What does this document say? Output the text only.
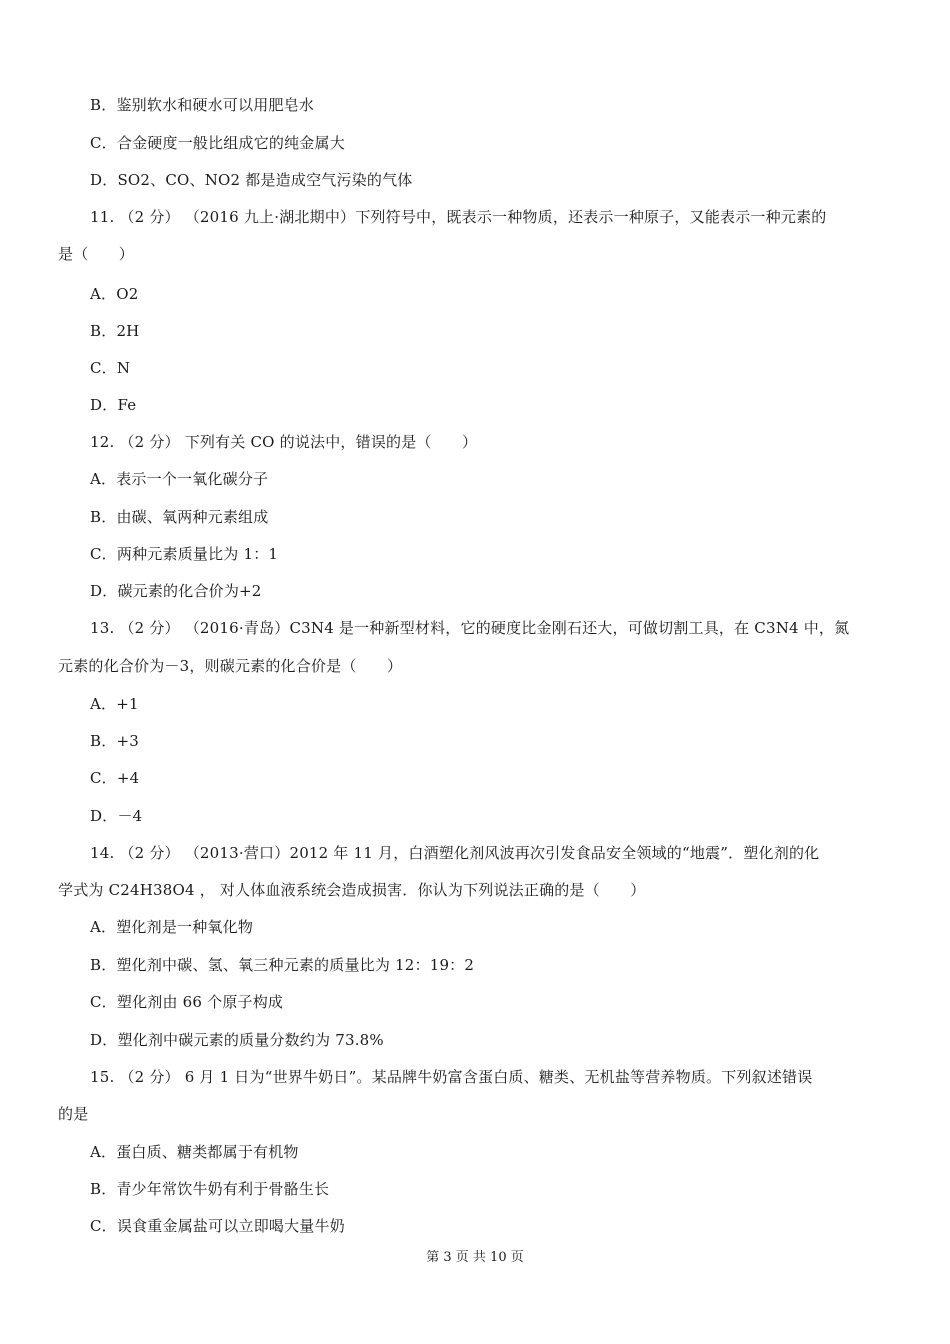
B．鉴别软水和硬水可以用肥皂水
C．合金硬度一般比组成它的纯金属大
D．SO2、CO、NO2 都是造成空气污染的气体
11. （2 分） （2016 九上·湖北期中）下列符号中，既表示一种物质，还表示一种原子，又能表示一种元素的
是（　　）
A．O2
B．2H
C．N
D．Fe
12. （2 分） 下列有关 CO 的说法中，错误的是（　　）
A．表示一个一氧化碳分子
B．由碳、氧两种元素组成
C．两种元素质量比为 1：1
D．碳元素的化合价为+2
13. （2 分） （2016·青岛）C3N4 是一种新型材料，它的硬度比金刚石还大，可做切割工具，在 C3N4 中，氮
元素的化合价为－3，则碳元素的化合价是（　　）
A．+1
B．+3
C．+4
D．－4
14. （2 分） （2013·营口）2012 年 11 月，白酒塑化剂风波再次引发食品安全领域的“地震”．塑化剂的化
学式为 C24H38O4 ， 对人体血液系统会造成损害．你认为下列说法正确的是（　　）
A．塑化剂是一种氧化物
B．塑化剂中碳、氢、氧三种元素的质量比为 12：19：2
C．塑化剂由 66 个原子构成
D．塑化剂中碳元素的质量分数约为 73.8%
15. （2 分） 6 月 1 日为“世界牛奶日”。某品牌牛奶富含蛋白质、糖类、无机盐等营养物质。下列叙述错误
的是
A．蛋白质、糖类都属于有机物
B．青少年常饮牛奶有利于骨骼生长
C．误食重金属盐可以立即喝大量牛奶
第 3 页 共 10 页
